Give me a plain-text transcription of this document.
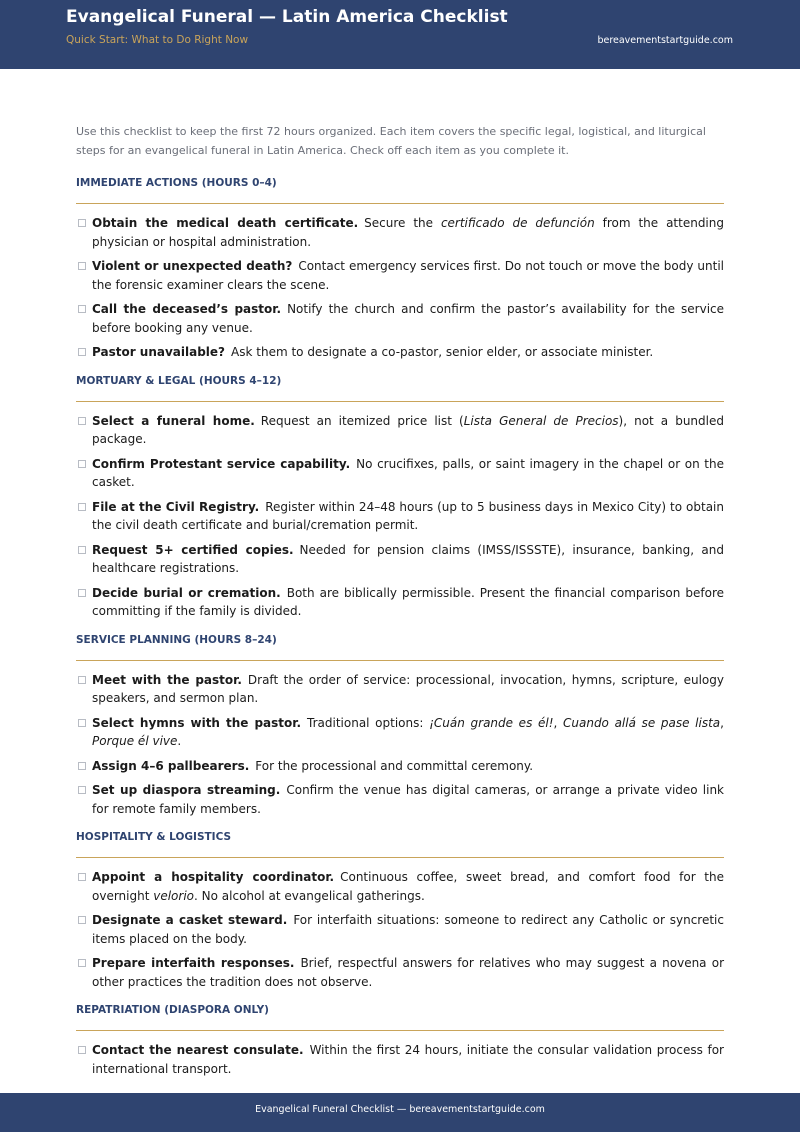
Evangelical Funeral — Latin America Checklist
Quick Start: What to Do Right Now	bereavementstartguide.com

Use this checklist to keep the first 72 hours organized. Each item covers the specific legal, logistical, and liturgical steps for an evangelical funeral in Latin America. Check off each item as you complete it.

IMMEDIATE ACTIONS (HOURS 0–4)
Obtain the medical death certificate. Secure the certificado de defunción from the attending physician or hospital administration.
Violent or unexpected death? Contact emergency services first. Do not touch or move the body until the forensic examiner clears the scene.
Call the deceased’s pastor. Notify the church and confirm the pastor’s availability for the service before booking any venue.
Pastor unavailable? Ask them to designate a co-pastor, senior elder, or associate minister.
MORTUARY & LEGAL (HOURS 4–12)
Select a funeral home. Request an itemized price list (Lista General de Precios), not a bundled package.
Confirm Protestant service capability. No crucifixes, palls, or saint imagery in the chapel or on the casket.
File at the Civil Registry. Register within 24–48 hours (up to 5 business days in Mexico City) to obtain the civil death certificate and burial/cremation permit.
Request 5+ certified copies. Needed for pension claims (IMSS/ISSSTE), insurance, banking, and healthcare registrations.
Decide burial or cremation. Both are biblically permissible. Present the financial comparison before committing if the family is divided.
SERVICE PLANNING (HOURS 8–24)
Meet with the pastor. Draft the order of service: processional, invocation, hymns, scripture, eulogy speakers, and sermon plan.
Select hymns with the pastor. Traditional options: ¡Cuán grande es él!, Cuando allá se pase lista, Porque él vive.
Assign 4–6 pallbearers. For the processional and committal ceremony.
Set up diaspora streaming. Confirm the venue has digital cameras, or arrange a private video link for remote family members.
HOSPITALITY & LOGISTICS
Appoint a hospitality coordinator. Continuous coffee, sweet bread, and comfort food for the overnight velorio. No alcohol at evangelical gatherings.
Designate a casket steward. For interfaith situations: someone to redirect any Catholic or syncretic items placed on the body.
Prepare interfaith responses. Brief, respectful answers for relatives who may suggest a novena or other practices the tradition does not observe.
REPATRIATION (DIASPORA ONLY)
Contact the nearest consulate. Within the first 24 hours, initiate the consular validation process for international transport.
Evangelical Funeral Checklist — bereavementstartguide.com
